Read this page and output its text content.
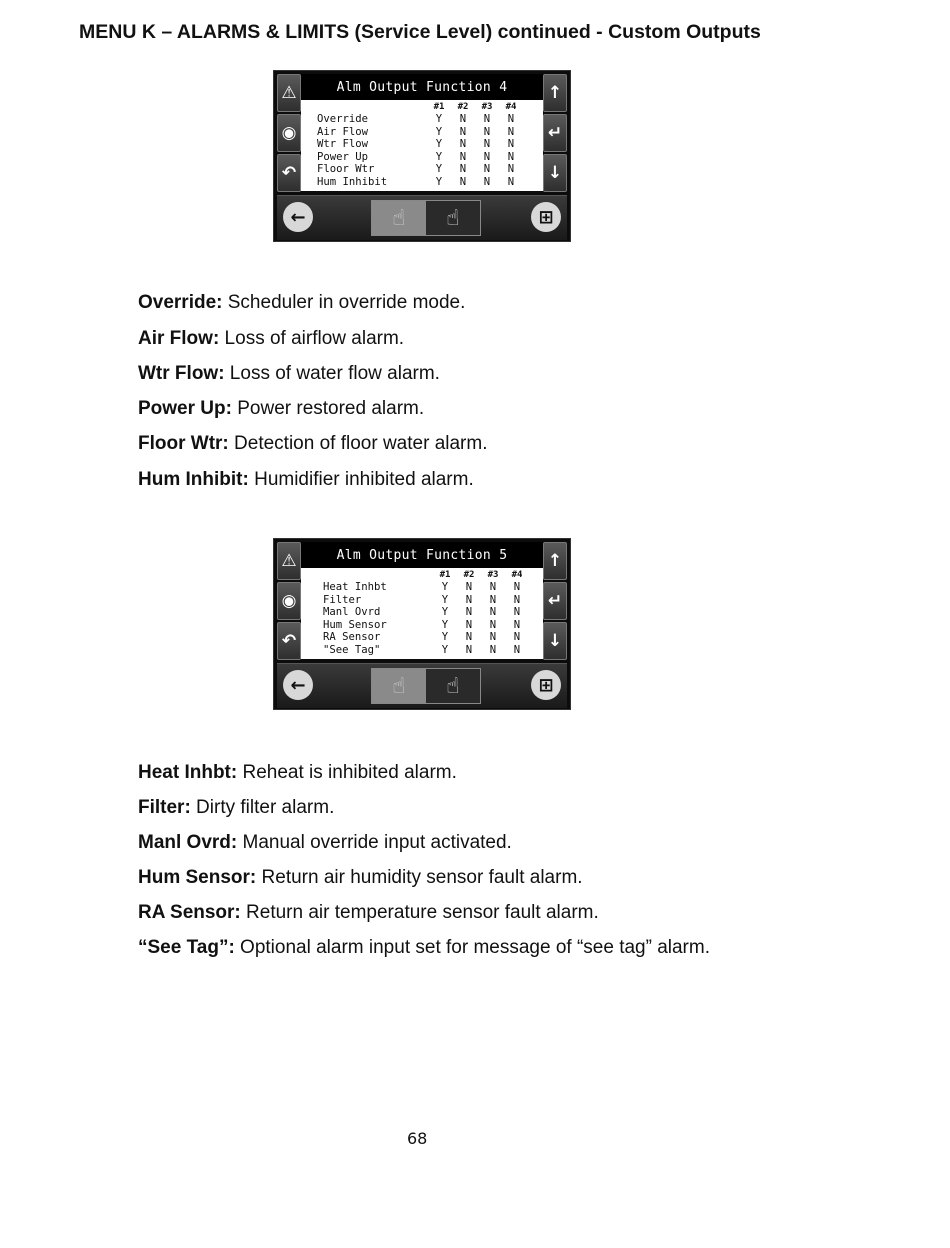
MENU K – ALARMS & LIMITS (Service Level) continued - Custom Outputs
⚠
◉
↶
Alm Output Function 4
	#1	#2	#3	#4
Override	Y	N	N	N
Air Flow	Y	N	N	N
Wtr Flow	Y	N	N	N
Power Up	Y	N	N	N
Floor Wtr	Y	N	N	N
Hum Inhibit	Y	N	N	N
↑
↵
↓
←	☝	☝	⊞
Override: Scheduler in override mode.
Air Flow: Loss of airflow alarm.
Wtr Flow: Loss of water flow alarm.
Power Up: Power restored alarm.
Floor Wtr: Detection of floor water alarm.
Hum Inhibit: Humidifier inhibited alarm.
⚠
◉
↶
Alm Output Function 5
	#1	#2	#3	#4
Heat Inhbt	Y	N	N	N
Filter	Y	N	N	N
Manl Ovrd	Y	N	N	N
Hum Sensor	Y	N	N	N
RA Sensor	Y	N	N	N
"See Tag"	Y	N	N	N
↑
↵
↓
←	☝	☝	⊞
Heat Inhbt: Reheat is inhibited alarm.
Filter: Dirty filter alarm.
Manl Ovrd: Manual override input activated.
Hum Sensor: Return air humidity sensor fault alarm.
RA Sensor: Return air temperature sensor fault alarm.
“See Tag”: Optional alarm input set for message of “see tag” alarm.
68
